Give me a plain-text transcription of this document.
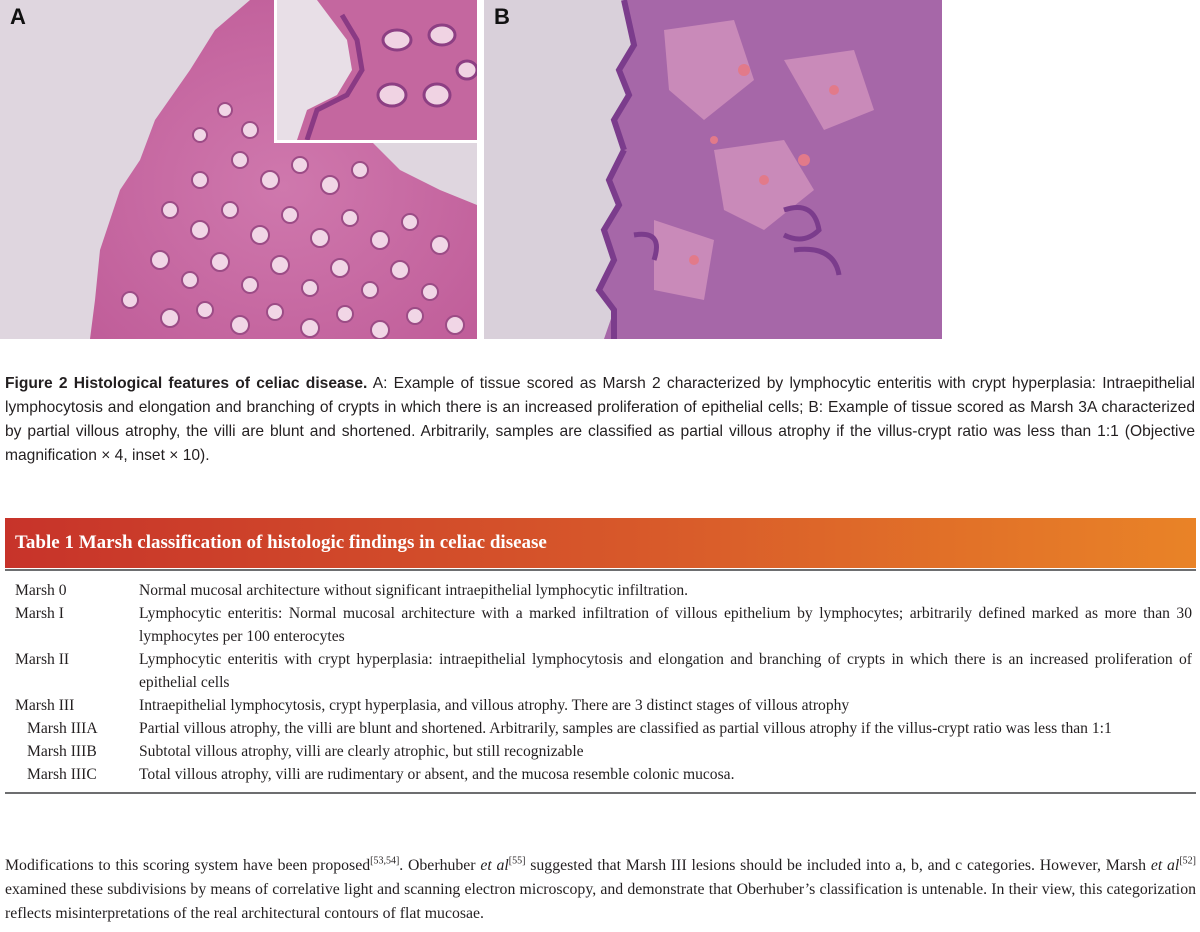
A	B
Figure 2 Histological features of celiac disease. A: Example of tissue scored as Marsh 2 characterized by lymphocytic enteritis with crypt hyperplasia: Intraepithelial lymphocytosis and elongation and branching of crypts in which there is an increased proliferation of epithelial cells; B: Example of tissue scored as Marsh 3A characterized by partial villous atrophy, the villi are blunt and shortened. Arbitrarily, samples are classified as partial villous atrophy if the villus-crypt ratio was less than 1:1 (Objective magnification × 4, inset × 10).
Table 1 Marsh classification of histologic findings in celiac disease
Marsh 0	Normal mucosal architecture without significant intraepithelial lymphocytic infiltration.
Marsh I	Lymphocytic enteritis: Normal mucosal architecture with a marked infiltration of villous epithelium by lymphocytes; arbitrarily defined marked as more than 30 lymphocytes per 100 enterocytes
Marsh II	Lymphocytic enteritis with crypt hyperplasia: intraepithelial lymphocytosis and elongation and branching of crypts in which there is an increased proliferation of epithelial cells
Marsh III	Intraepithelial lymphocytosis, crypt hyperplasia, and villous atrophy. There are 3 distinct stages of villous atrophy
Marsh IIIA	Partial villous atrophy, the villi are blunt and shortened. Arbitrarily, samples are classified as partial villous atrophy if the villus-crypt ratio was less than 1:1
Marsh IIIB	Subtotal villous atrophy, villi are clearly atrophic, but still recognizable
Marsh IIIC	Total villous atrophy, villi are rudimentary or absent, and the mucosa resemble colonic mucosa.
Modifications to this scoring system have been proposed[53,54]. Oberhuber et al[55] suggested that Marsh III lesions should be included into a, b, and c categories. However, Marsh et al[52] examined these subdivisions by means of correlative light and scanning electron microscopy, and demonstrate that Oberhuber’s classification is untenable. In their view, this categorization reflects misinterpretations of the real architectural contours of flat mucosae.
